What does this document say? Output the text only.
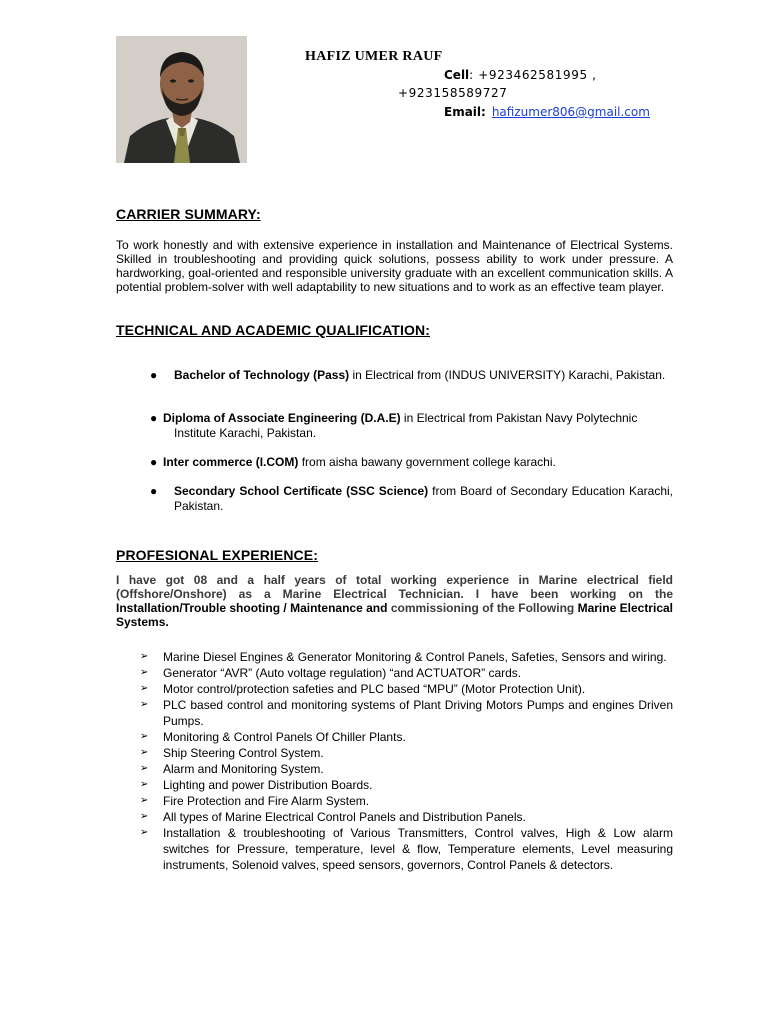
HAFIZ UMER RAUF
Cell: +923462581995 ,
+923158589727
Email: hafizumer806@gmail.com
CARRIER SUMMARY:
To work honestly and with extensive experience in installation and Maintenance of Electrical Systems. Skilled in troubleshooting and providing quick solutions, possess ability to work under pressure. A hardworking, goal-oriented and responsible university graduate with an excellent communication skills. A potential problem-solver with well adaptability to new situations and to work as an effective team player.
TECHNICAL AND ACADEMIC QUALIFICATION:
●	Bachelor of Technology (Pass) in Electrical from (INDUS UNIVERSITY) Karachi, Pakistan.
● Diploma of Associate Engineering (D.A.E) in Electrical from Pakistan Navy Polytechnic
Institute Karachi, Pakistan.
● Inter commerce (I.COM) from aisha bawany government college karachi.
●	Secondary School Certificate (SSC Science) from Board of Secondary Education Karachi, Pakistan.
PROFESIONAL EXPERIENCE:
I have got 08 and a half years of total working experience in Marine electrical field (Offshore/Onshore) as a Marine Electrical Technician. I have been working on the Installation/Trouble shooting / Maintenance and commissioning of the Following Marine Electrical Systems.
➢ Marine Diesel Engines & Generator Monitoring & Control Panels, Safeties, Sensors and wiring.
➢ Generator “AVR” (Auto voltage regulation) “and ACTUATOR” cards.
➢ Motor control/protection safeties and PLC based “MPU” (Motor Protection Unit).
➢ PLC based control and monitoring systems of Plant Driving Motors Pumps and engines Driven Pumps.
➢ Monitoring & Control Panels Of Chiller Plants.
➢ Ship Steering Control System.
➢ Alarm and Monitoring System.
➢ Lighting and power Distribution Boards.
➢ Fire Protection and Fire Alarm System.
➢ All types of Marine Electrical Control Panels and Distribution Panels.
➢ Installation & troubleshooting of Various Transmitters, Control valves, High & Low alarm switches for Pressure, temperature, level & flow, Temperature elements, Level measuring instruments, Solenoid valves, speed sensors, governors, Control Panels & detectors.
